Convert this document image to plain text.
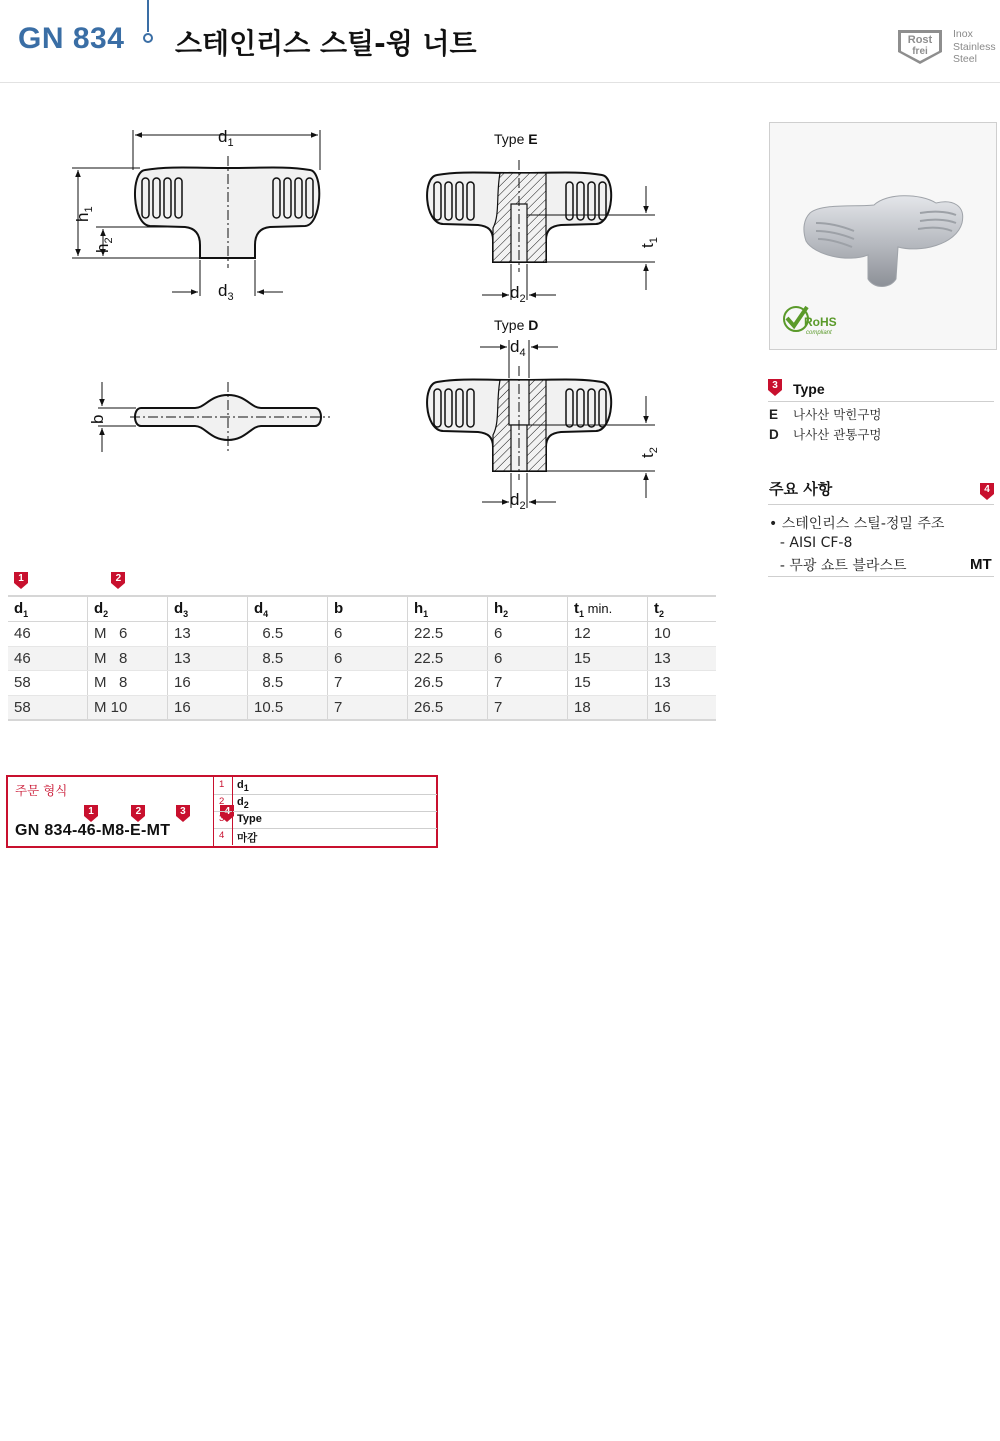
GN 834 스테인리스 스틸-윙 너트	EDELSTAHL
Rost
frei
Inox
Stainless
Steel
$d_1$
$h_1$
$h_2$
$d_3$
b
Type E
$t_1$
$d_2$
Type D
$d_4$
$t_2$
$d_2$
RoHS
compliant
3	Type
E 나사산 막힌구멍
D 나사산 관통구멍
주요 사항	4
• 스테인리스 스틸-정밀 주조
- AISI CF-8
- 무광 쇼트 블라스트	MT
1
	2
$d_1$	$d_2$	$d_3$	$d_4$	b	$h_1$	$h_2$	$t_1$ min.	$t_2$
46	M   6	13	6.5	6	22.5	6	12	10
46	M   8	13	8.5	6	22.5	6	15	13
58	M   8	16	8.5	7	26.5	7	15	13
58	M 10	16	10.5	7	26.5	7	18	16
주문 형식
1
	2
	3
	4
GN 834-46-M8-E-MT
1 $d_1$
2 $d_2$
3 Type
4 마감
